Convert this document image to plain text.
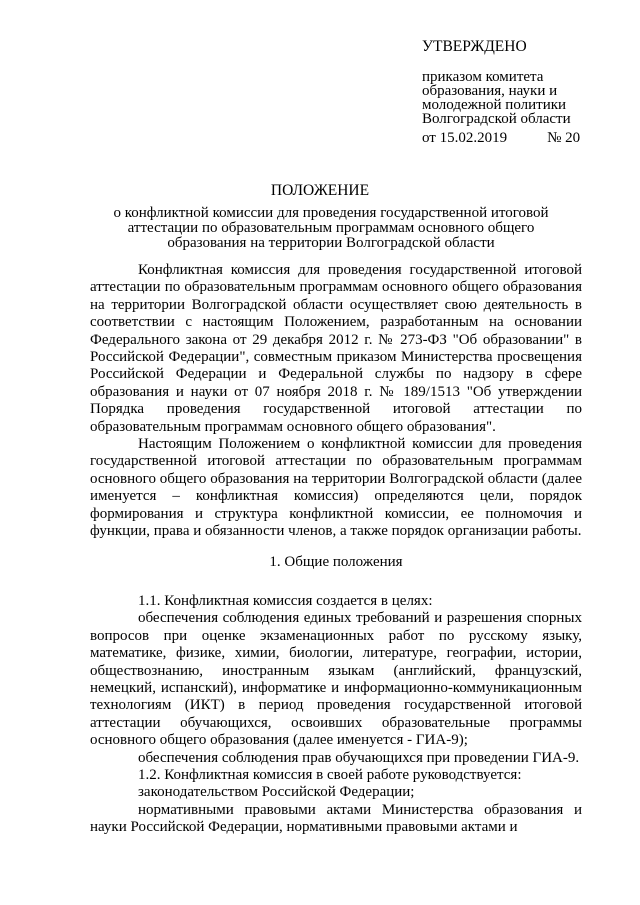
УТВЕРЖДЕНО
приказом комитета
образования, науки и
молодежной политики
Волгоградской области
от 15.02.2019	№ 20
ПОЛОЖЕНИЕ
о конфликтной комиссии для проведения государственной итоговой аттестации по образовательным программам основного общего образования на территории Волгоградской области

Конфликтная комиссия для проведения государственной итоговой аттестации по образовательным программам основного общего образования на территории Волгоградской области осуществляет свою деятельность в соответствии с настоящим Положением, разработанным на основании Федерального закона от 29 декабря 2012 г. № 273-ФЗ "Об образовании" в Российской Федерации", совместным приказом Министерства просвещения Российской Федерации и Федеральной службы по надзору в сфере образования и науки от 07 ноября 2018 г. № 189/1513 "Об утверждении Порядка проведения государственной итоговой аттестации по образовательным программам основного общего образования".

Настоящим Положением о конфликтной комиссии для проведения государственной итоговой аттестации по образовательным программам основного общего образования на территории Волгоградской области (далее именуется – конфликтная комиссия) определяются цели, порядок формирования и структура конфликтной комиссии, ее полномочия и функции, права и обязанности членов, а также порядок организации работы.

1. Общие положения

1.1. Конфликтная комиссия создается в целях:

обеспечения соблюдения единых требований и разрешения спорных вопросов при оценке экзаменационных работ по русскому языку, математике, физике, химии, биологии, литературе, географии, истории, обществознанию, иностранным языкам (английский, французский, немецкий, испанский), информатике и информационно-коммуникационным технологиям (ИКТ) в период проведения государственной итоговой аттестации обучающихся, освоивших образовательные программы основного общего образования (далее именуется - ГИА-9);

обеспечения соблюдения прав обучающихся при проведении ГИА-9.

1.2. Конфликтная комиссия в своей работе руководствуется:

законодательством Российской Федерации;

нормативными правовыми актами Министерства образования и науки Российской Федерации, нормативными правовыми актами и
